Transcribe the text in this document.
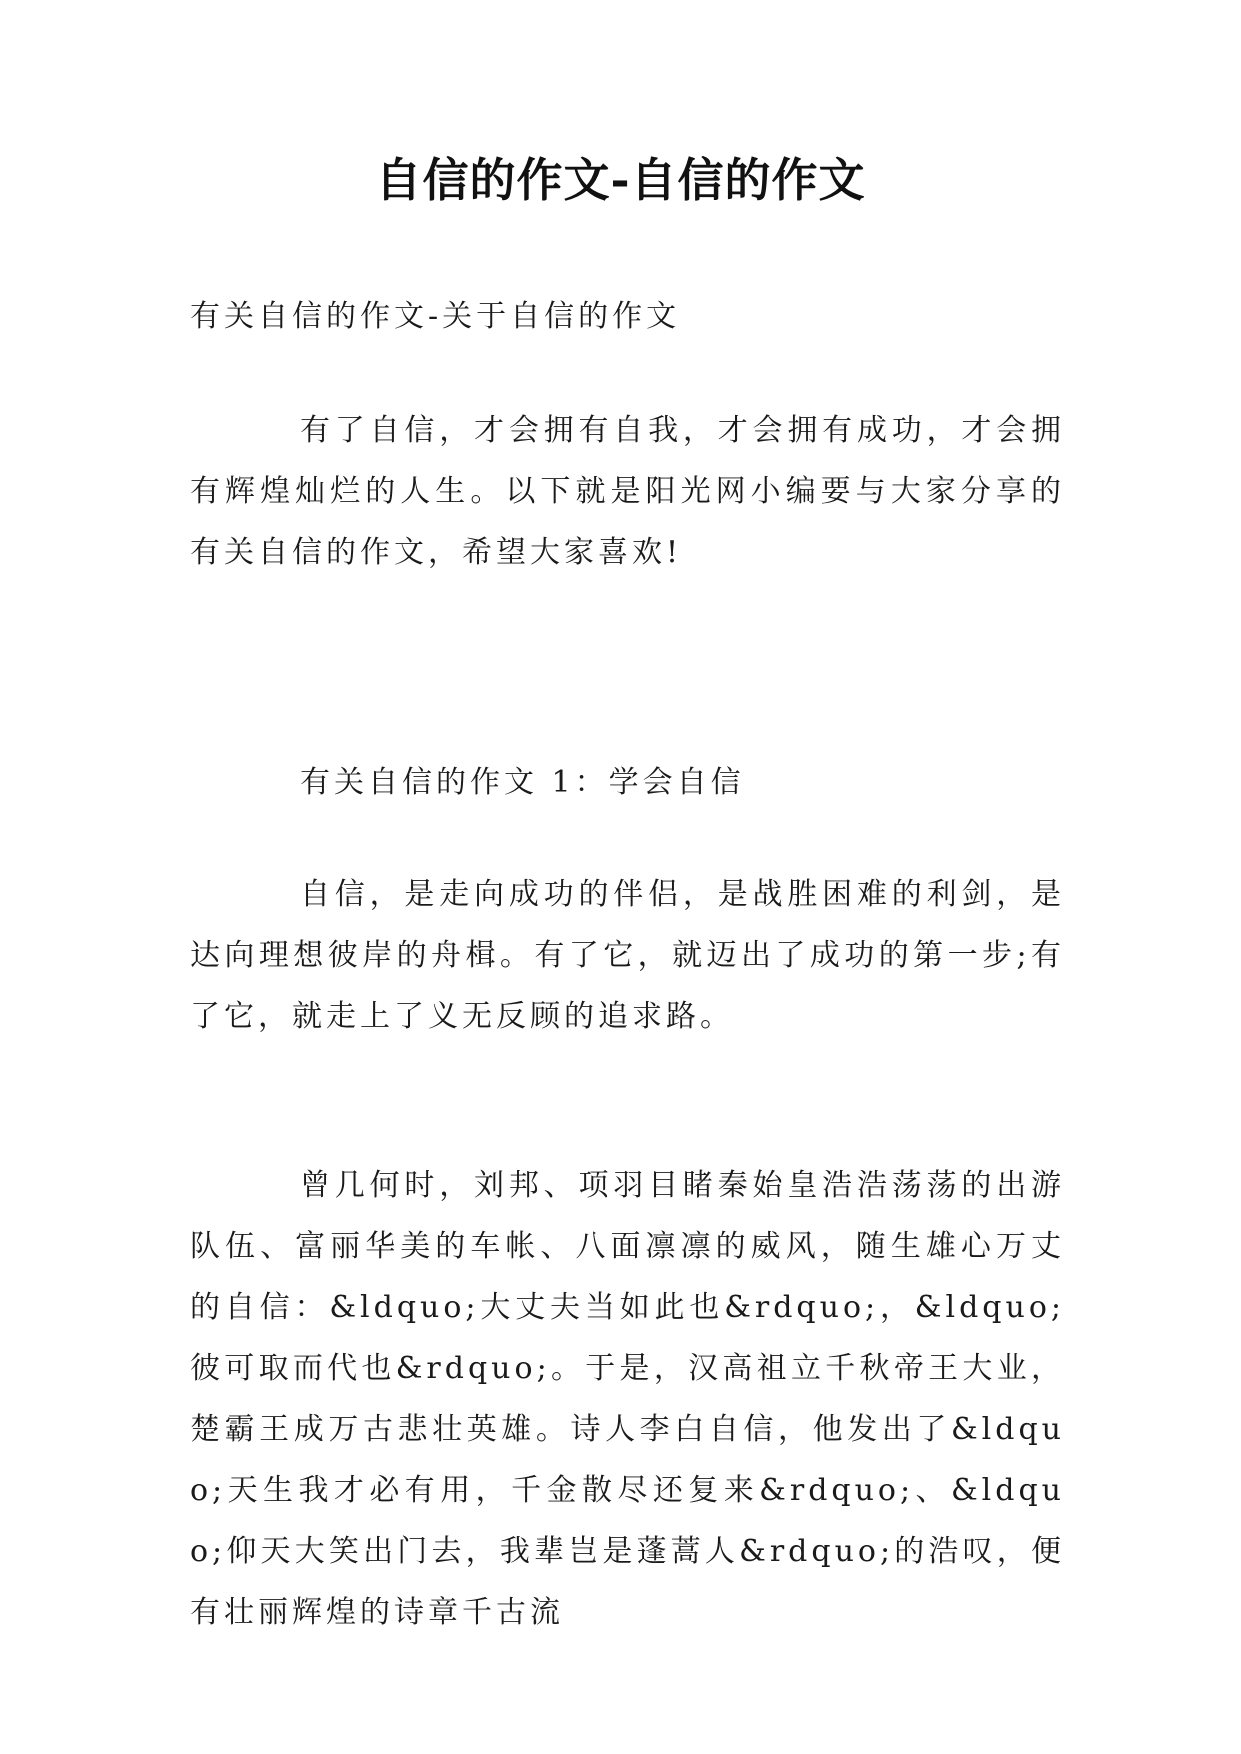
自信的作文-自信的作文

有关自信的作文-关于自信的作文

有了自信，才会拥有自我，才会拥有成功，才会拥有辉煌灿烂的人生。以下就是阳光网小编要与大家分享的有关自信的作文，希望大家喜欢!

有关自信的作文 1：学会自信

自信，是走向成功的伴侣，是战胜困难的利剑，是达向理想彼岸的舟楫。有了它，就迈出了成功的第一步;有了它，就走上了义无反顾的追求路。

曾几何时，刘邦、项羽目睹秦始皇浩浩荡荡的出游队伍、富丽华美的车帐、八面凛凛的威风，随生雄心万丈的自信：&ldquo;大丈夫当如此也&rdquo;，&ldquo;彼可取而代也&rdquo;。于是，汉高祖立千秋帝王大业，楚霸王成万古悲壮英雄。诗人李白自信，他发出了&ldquo;天生我才必有用，千金散尽还复来&rdquo;、&ldquo;仰天大笑出门去，我辈岂是蓬蒿人&rdquo;的浩叹，便有壮丽辉煌的诗章千古流
